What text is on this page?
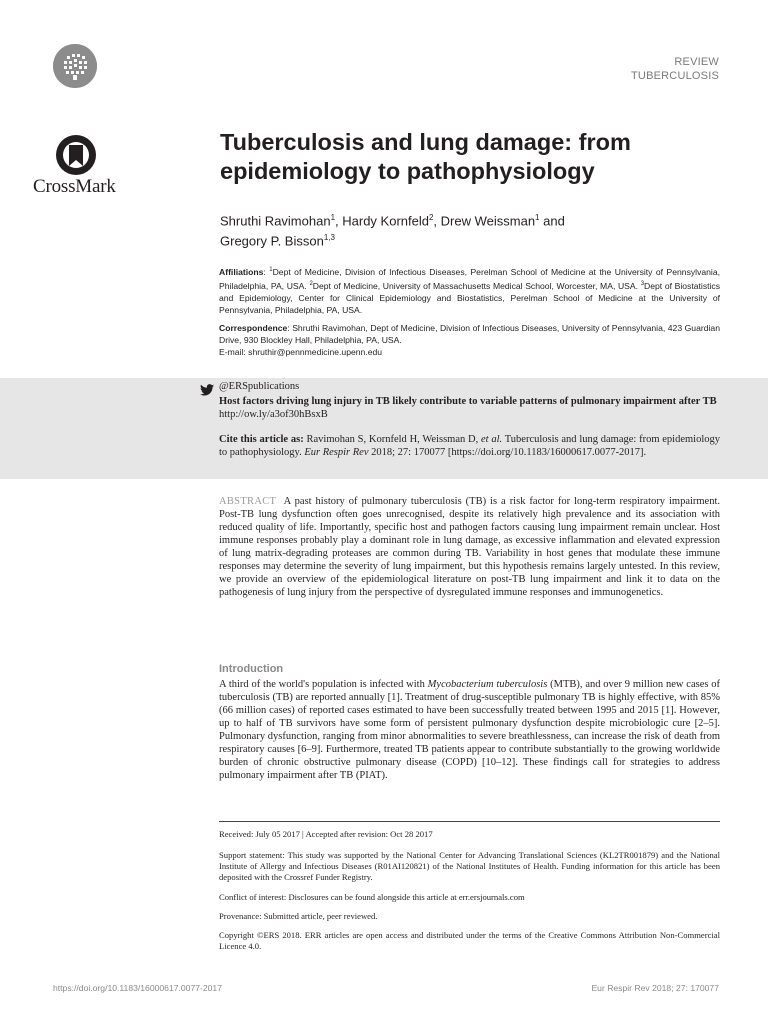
CrossMark
REVIEW
TUBERCULOSIS
Tuberculosis and lung damage: from epidemiology to pathophysiology
Shruthi Ravimohan$^1$, Hardy Kornfeld$^2$, Drew Weissman$^1$ and
Gregory P. Bisson$^{1,3}$
Affiliations: $^1$Dept of Medicine, Division of Infectious Diseases, Perelman School of Medicine at the University of Pennsylvania, Philadelphia, PA, USA. $^2$Dept of Medicine, University of Massachusetts Medical School, Worcester, MA, USA. $^3$Dept of Biostatistics and Epidemiology, Center for Clinical Epidemiology and Biostatistics, Perelman School of Medicine at the University of Pennsylvania, Philadelphia, PA, USA.
Correspondence: Shruthi Ravimohan, Dept of Medicine, Division of Infectious Diseases, University of Pennsylvania, 423 Guardian Drive, 930 Blockley Hall, Philadelphia, PA, USA.
E-mail: shruthir@pennmedicine.upenn.edu
@ERSpublications
Host factors driving lung injury in TB likely contribute to variable patterns of pulmonary impairment after TB http://ow.ly/a3of30hBsxB
Cite this article as: Ravimohan S, Kornfeld H, Weissman D, et al. Tuberculosis and lung damage: from epidemiology to pathophysiology. Eur Respir Rev 2018; 27: 170077 [https://doi.org/10.1183/16000617.0077-2017].
ABSTRACT A past history of pulmonary tuberculosis (TB) is a risk factor for long-term respiratory impairment. Post-TB lung dysfunction often goes unrecognised, despite its relatively high prevalence and its association with reduced quality of life. Importantly, specific host and pathogen factors causing lung impairment remain unclear. Host immune responses probably play a dominant role in lung damage, as excessive inflammation and elevated expression of lung matrix-degrading proteases are common during TB. Variability in host genes that modulate these immune responses may determine the severity of lung impairment, but this hypothesis remains largely untested. In this review, we provide an overview of the epidemiological literature on post-TB lung impairment and link it to data on the pathogenesis of lung injury from the perspective of dysregulated immune responses and immunogenetics.
Introduction
A third of the world's population is infected with Mycobacterium tuberculosis (MTB), and over 9 million new cases of tuberculosis (TB) are reported annually [1]. Treatment of drug-susceptible pulmonary TB is highly effective, with 85% (66 million cases) of reported cases estimated to have been successfully treated between 1995 and 2015 [1]. However, up to half of TB survivors have some form of persistent pulmonary dysfunction despite microbiologic cure [2–5]. Pulmonary dysfunction, ranging from minor abnormalities to severe breathlessness, can increase the risk of death from respiratory causes [6–9]. Furthermore, treated TB patients appear to contribute substantially to the growing worldwide burden of chronic obstructive pulmonary disease (COPD) [10–12]. These findings call for strategies to address pulmonary impairment after TB (PIAT).
Received: July 05 2017 | Accepted after revision: Oct 28 2017
Support statement: This study was supported by the National Center for Advancing Translational Sciences (KL2TR001879) and the National Institute of Allergy and Infectious Diseases (R01AI120821) of the National Institutes of Health. Funding information for this article has been deposited with the Crossref Funder Registry.
Conflict of interest: Disclosures can be found alongside this article at err.ersjournals.com
Provenance: Submitted article, peer reviewed.
Copyright ©ERS 2018. ERR articles are open access and distributed under the terms of the Creative Commons Attribution Non-Commercial Licence 4.0.
https://doi.org/10.1183/16000617.0077-2017	Eur Respir Rev 2018; 27: 170077
